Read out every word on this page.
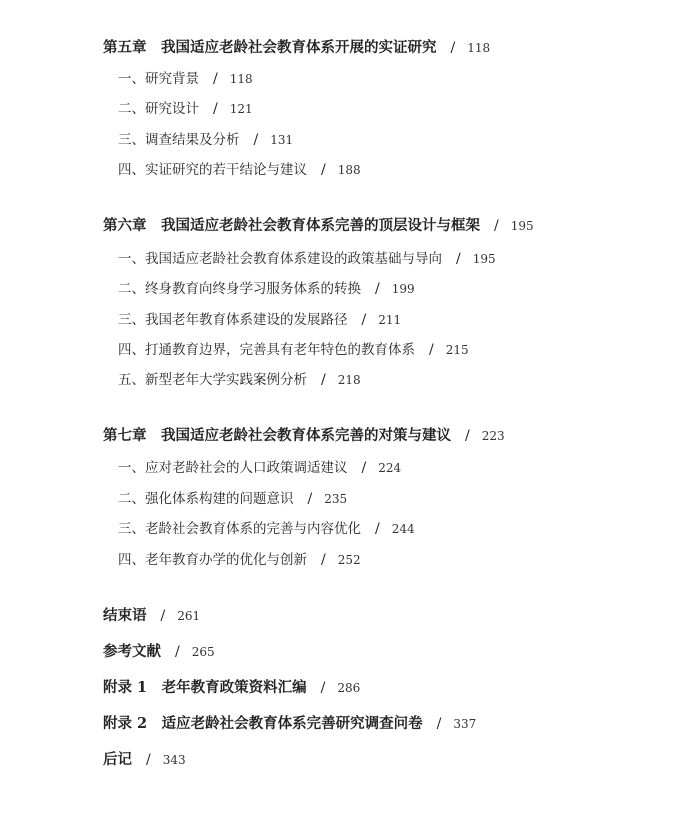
第五章　我国适应老龄社会教育体系开展的实证研究 / 118
一、研究背景 / 118
二、研究设计 / 121
三、调查结果及分析 / 131
四、实证研究的若干结论与建议 / 188
第六章　我国适应老龄社会教育体系完善的顶层设计与框架 / 195
一、我国适应老龄社会教育体系建设的政策基础与导向 / 195
二、终身教育向终身学习服务体系的转换 / 199
三、我国老年教育体系建设的发展路径 / 211
四、打通教育边界，完善具有老年特色的教育体系 / 215
五、新型老年大学实践案例分析 / 218
第七章　我国适应老龄社会教育体系完善的对策与建议 / 223
一、应对老龄社会的人口政策调适建议 / 224
二、强化体系构建的问题意识 / 235
三、老龄社会教育体系的完善与内容优化 / 244
四、老年教育办学的优化与创新 / 252
结束语 / 261
参考文献 / 265
附录 1　老年教育政策资料汇编 / 286
附录 2　适应老龄社会教育体系完善研究调查问卷 / 337
后记 / 343
